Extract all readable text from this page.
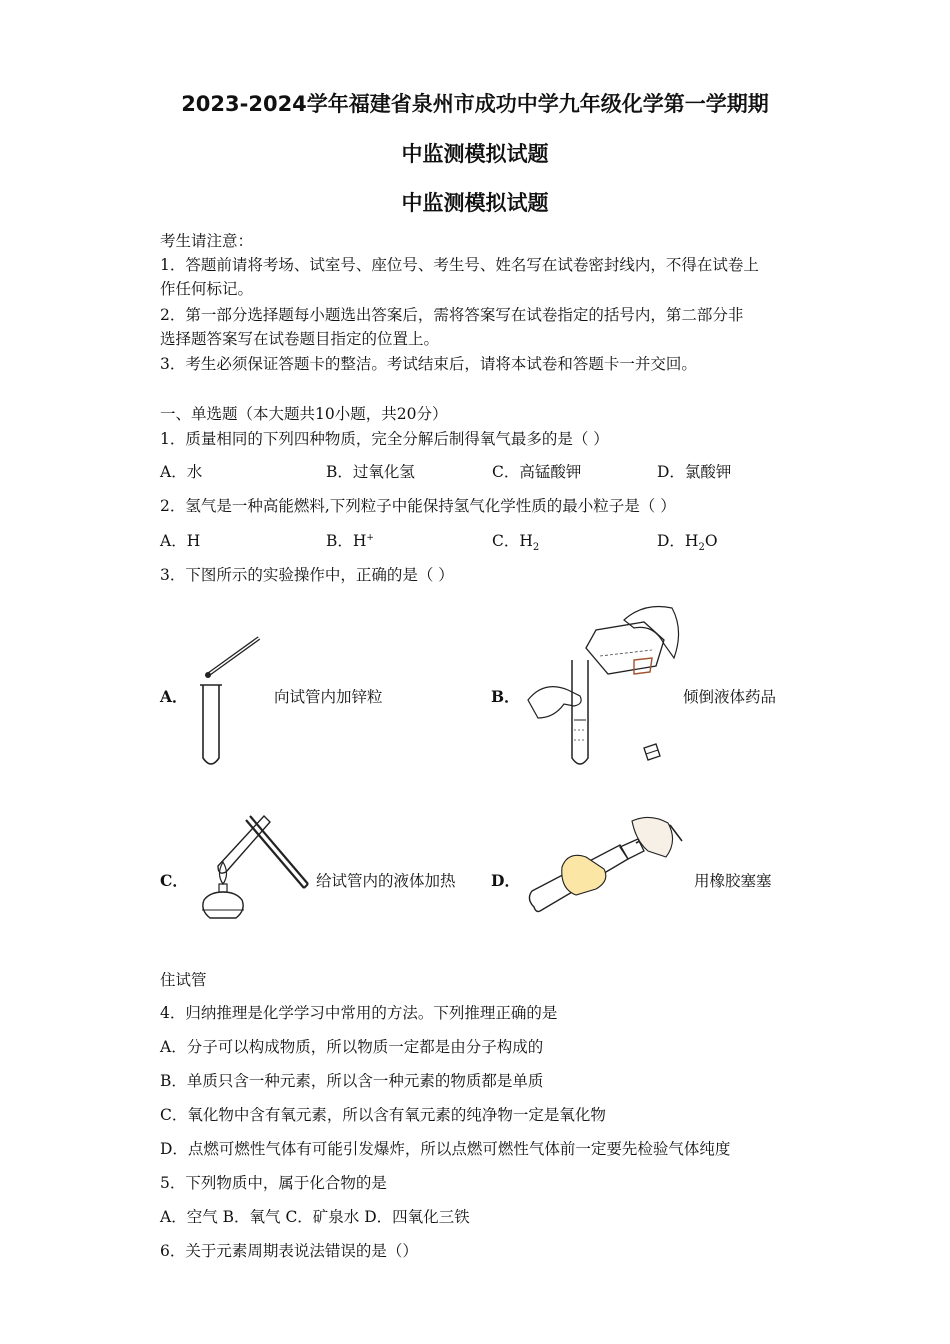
2023-2024学年福建省泉州市成功中学九年级化学第一学期期
中监测模拟试题
中监测模拟试题
考生请注意：
1．答题前请将考场、试室号、座位号、考生号、姓名写在试卷密封线内，不得在试卷上
作任何标记。
2．第一部分选择题每小题选出答案后，需将答案写在试卷指定的括号内，第二部分非
选择题答案写在试卷题目指定的位置上。
3．考生必须保证答题卡的整洁。考试结束后，请将本试卷和答题卡一并交回。
一、单选题（本大题共10小题，共20分）
1．质量相同的下列四种物质，完全分解后制得氧气最多的是（ ）
A．水	B．过氧化氢	C．高锰酸钾	D．氯酸钾
2．氢气是一种高能燃料,下列粒子中能保持氢气化学性质的最小粒子是（ ）
A．H	B．H+	C．$H_2$	D．$H_2O$
3．下图所示的实验操作中，正确的是（ ）
A．	向试管内加锌粒	B．	倾倒液体药品
C．	给试管内的液体加热 D．	用橡胶塞塞
住试管
4．归纳推理是化学学习中常用的方法。下列推理正确的是
A．分子可以构成物质，所以物质一定都是由分子构成的
B．单质只含一种元素，所以含一种元素的物质都是单质
C．氧化物中含有氧元素，所以含有氧元素的纯净物一定是氧化物
D．点燃可燃性气体有可能引发爆炸，所以点燃可燃性气体前一定要先检验气体纯度
5．下列物质中，属于化合物的是
A．空气 B．氧气 C．矿泉水 D．四氧化三铁
6．关于元素周期表说法错误的是（）
